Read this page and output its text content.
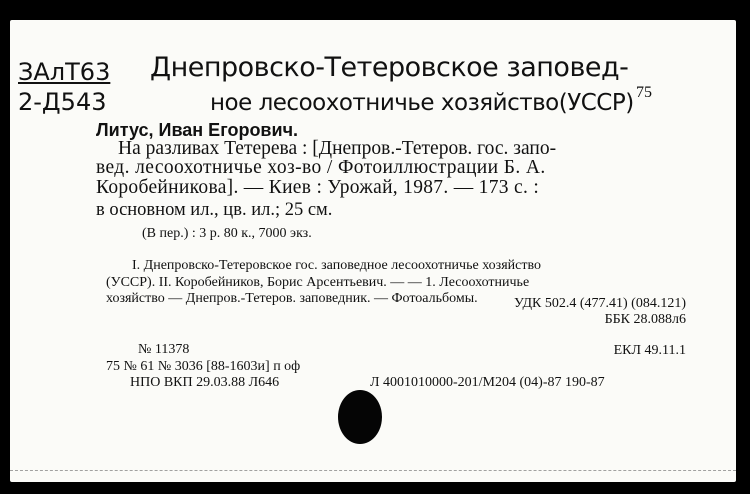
ЗАлТ63
2-Д543
Днепровско-Тетеровское заповед-
ное лесоохотничье хозяйство(УССР) 75
Литус, Иван Егорович.
На разливах Тетерева : [Днепров.-Тетеров. гос. запо-
вед. лесоохотничье хоз-во / Фотоиллюстрации Б. А.
Коробейникова]. — Киев : Урожай, 1987. — 173 с. :
в основном ил., цв. ил.; 25 см.
(В пер.) : 3 р. 80 к., 7000 экз.
I. Днепровско-Тетеровское гос. заповедное лесоохотничье хозяйство
(УССР). II. Коробейников, Борис Арсентьевич. — — 1. Лесоохотничье
хозяйство — Днепров.-Тетеров. заповедник. — Фотоальбомы.	УДК 502.4 (477.41) (084.121)
ББК 28.088л6
№ 11378
75 № 61 № 3036 [88-1603и] п оф
НПО ВКП 29.03.88 Л646
ЕКЛ 49.11.1
Л 4001010000-201/М204 (04)-87 190-87
